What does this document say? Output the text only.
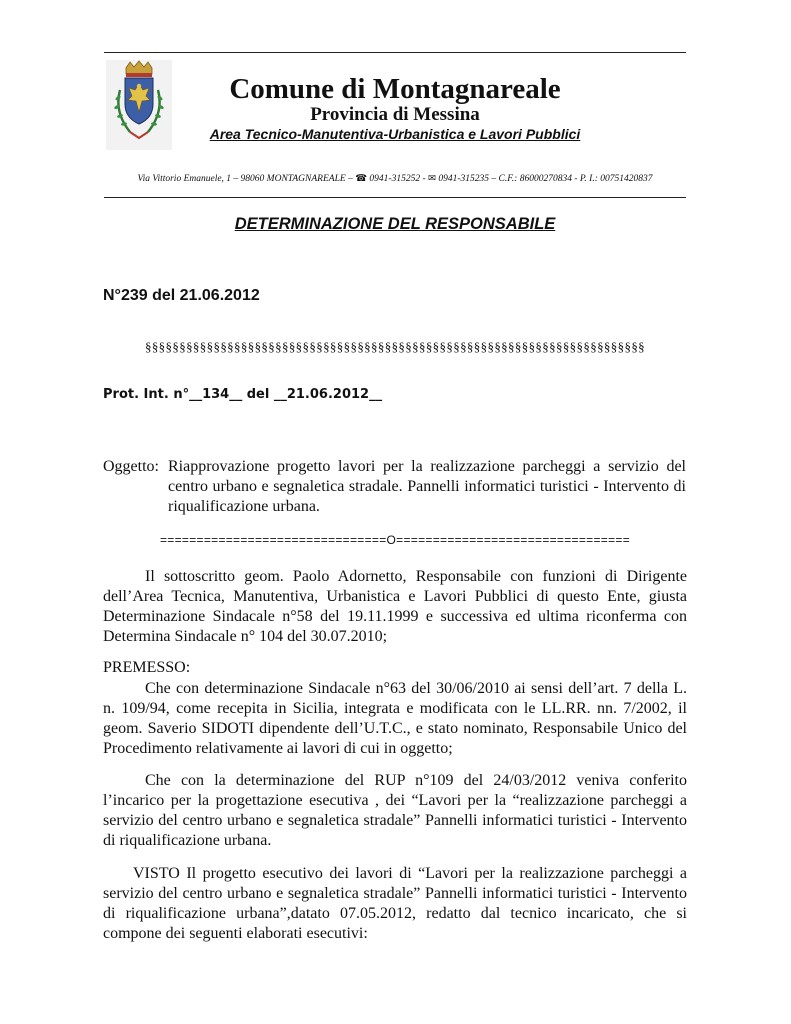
Comune di Montagnareale
Provincia di Messina
Area Tecnico-Manutentiva-Urbanistica e Lavori Pubblici
Via Vittorio Emanuele, 1 – 98060 MONTAGNAREALE – ☎ 0941-315252 - ✉ 0941-315235 – C.F.: 86000270834 - P. I.: 00751420837
DETERMINAZIONE DEL RESPONSABILE
N°239 del 21.06.2012
§§§§§§§§§§§§§§§§§§§§§§§§§§§§§§§§§§§§§§§§§§§§§§§§§§§§§§§§§§§§§§§§§§§§§§§§§
Prot. Int. n°__134__ del __21.06.2012__
Oggetto: Riapprovazione progetto lavori per la realizzazione parcheggi a servizio del centro urbano e segnaletica stradale. Pannelli informatici turistici - Intervento di riqualificazione urbana.
===============================O================================

Il sottoscritto geom. Paolo Adornetto, Responsabile con funzioni di Dirigente dell’Area Tecnica, Manutentiva, Urbanistica e Lavori Pubblici di questo Ente, giusta Determinazione Sindacale n°58 del 19.11.1999 e successiva ed ultima riconferma con Determina Sindacale n° 104 del 30.07.2010;

PREMESSO:

Che con determinazione Sindacale n°63 del 30/06/2010 ai sensi dell’art. 7 della L. n. 109/94, come recepita in Sicilia, integrata e modificata con le LL.RR. nn. 7/2002, il geom. Saverio SIDOTI dipendente dell’U.T.C., e stato nominato, Responsabile Unico del Procedimento relativamente ai lavori di cui in oggetto;

Che con la determinazione del RUP n°109 del 24/03/2012 veniva conferito l’incarico per la progettazione esecutiva , dei “Lavori per la “realizzazione parcheggi a servizio del centro urbano e segnaletica stradale” Pannelli informatici turistici - Intervento di riqualificazione urbana.

VISTO Il progetto esecutivo dei lavori di “Lavori per la realizzazione parcheggi a servizio del centro urbano e segnaletica stradale” Pannelli informatici turistici - Intervento di riqualificazione urbana”,datato 07.05.2012, redatto dal tecnico incaricato, che si compone dei seguenti elaborati esecutivi:
